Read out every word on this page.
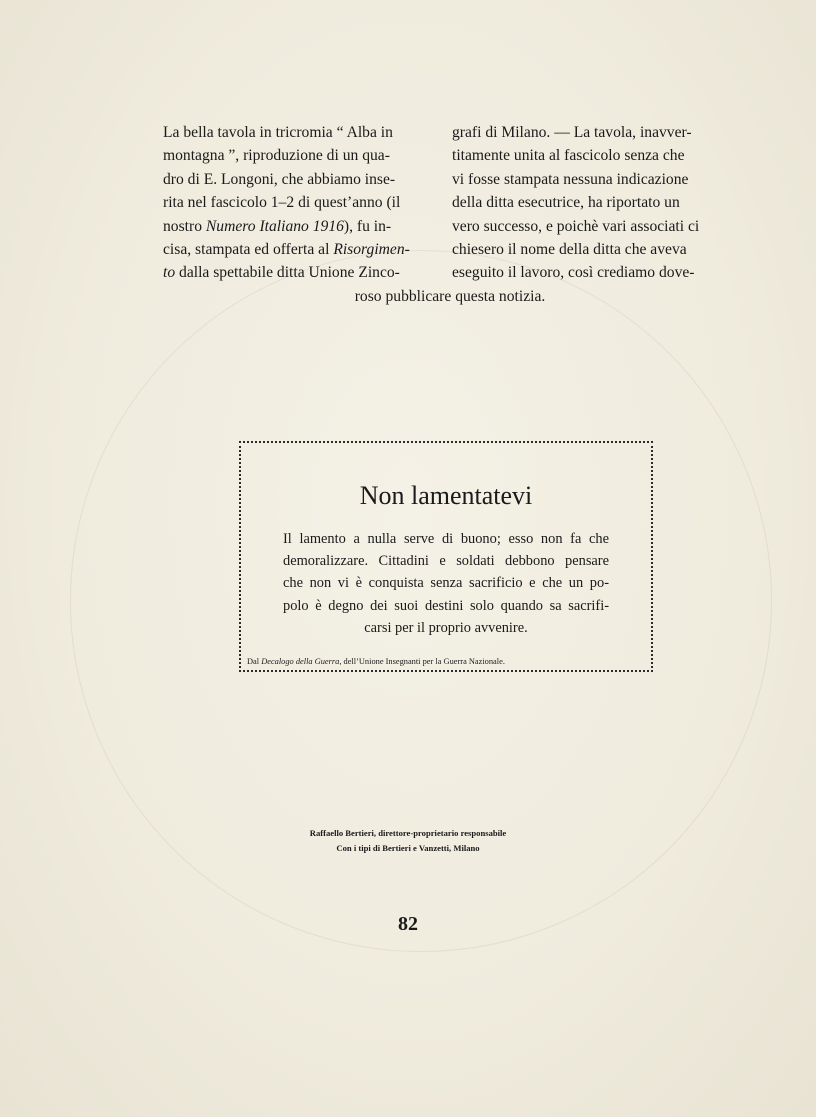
La bella tavola in tricromia “ Alba in

montagna ”, riproduzione di un qua-

dro di E. Longoni, che abbiamo inse-

rita nel fascicolo 1–2 di quest’anno (il

nostro Numero Italiano 1916), fu in-

cisa, stampata ed offerta al Risorgimen-

to dalla spettabile ditta Unione Zinco-

grafi di Milano. — La tavola, inavver-

titamente unita al fascicolo senza che

vi fosse stampata nessuna indicazione

della ditta esecutrice, ha riportato un

vero successo, e poichè vari associati ci

chiesero il nome della ditta che aveva

eseguito il lavoro, così crediamo dove-

roso pubblicare questa notizia.

Non lamentatevi
Il lamento a nulla serve di buono; esso non fa che
demoralizzare. Cittadini e soldati debbono pensare
che non vi è conquista senza sacrificio e che un po-
polo è degno dei suoi destini solo quando sa sacrifi-
carsi per il proprio avvenire.
Dal Decalogo della Guerra, dell’Unione Insegnanti per la Guerra Nazionale.

Raffaello Bertieri, direttore-proprietario responsabile
Con i tipi di Bertieri e Vanzetti, Milano

82
